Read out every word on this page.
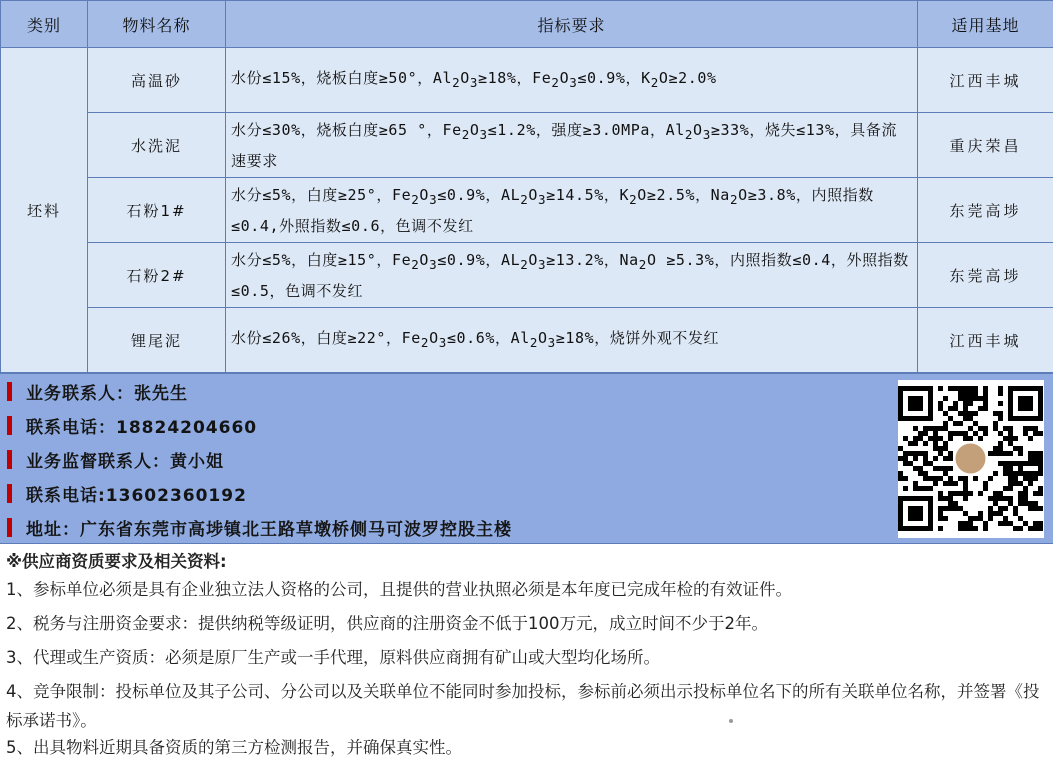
类别	物料名称	指标要求	适用基地
坯料	高温砂	水份≤15%，烧板白度≥50°，$Al_2O_3\ge 18\%$，$Fe_2O_3\le 0.9\%$，$K_2O\ge 2.0\%$	江西丰城
	水洗泥	水分≤30%，烧板白度≥65 °，$Fe_2O_3\le 1.2\%$，强度≥3.0MPa，$Al_2O_3\ge 33\%$，烧失≤13%，具备流速要求	重庆荣昌
	石粉1#	水分≤5%，白度≥25°，$Fe_2O_3\le 0.9\%$，$AL_2O_3\ge 14.5\%$，$K_2O\ge 2.5\%$，$Na_2O\ge 3.8\%$，内照指数≤0.4,外照指数≤0.6，色调不发红	东莞高埗
	石粉2#	水分≤5%，白度≥15°，$Fe_2O_3\le 0.9\%$，$AL_2O_3\ge 13.2\%$，$Na_2O \ge 5.3\%$，内照指数≤0.4，外照指数≤0.5，色调不发红	东莞高埗
	锂尾泥	水份≤26%，白度≥22°，$Fe_2O_3\le 0.6\%$，$Al_2O_3\ge 18\%$，烧饼外观不发红	江西丰城
业务联系人：张先生
联系电话：18824204660
业务监督联系人：黄小姐
联系电话:13602360192
地址：广东省东莞市高埗镇北王路草墩桥侧马可波罗控股主楼
※供应商资质要求及相关资料:

1、参标单位必须是具有企业独立法人资格的公司，且提供的营业执照必须是本年度已完成年检的有效证件。

2、税务与注册资金要求：提供纳税等级证明，供应商的注册资金不低于100万元，成立时间不少于2年。

3、代理或生产资质：必须是原厂生产或一手代理，原料供应商拥有矿山或大型均化场所。

4、竞争限制：投标单位及其子公司、分公司以及关联单位不能同时参加投标，参标前必须出示投标单位名下的所有关联单位名称，并签署《投标承诺书》。

5、出具物料近期具备资质的第三方检测报告，并确保真实性。
